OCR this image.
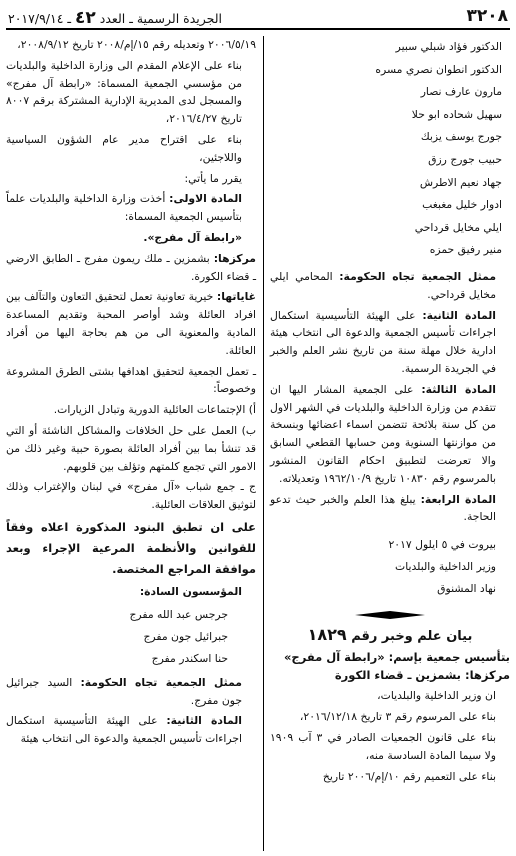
٣٢٠٨
الجريدة الرسمية ـ العدد ٤٢ ـ ٢٠١٧/٩/١٤

الدكتور فؤاد شبلي سبير

الدكتور انطوان نصري مسره

مارون عارف نصار

سهيل شحاده ابو حلا

جورج يوسف يزبك

حبيب جورج رزق

جهاد نعيم الاطرش

ادوار خليل مغبغب

ايلي مخايل قرداحي

منير رفيق حمزه

ممثل الجمعية تجاه الحكومة: المحامي ايلي مخايل قرداحي.

المادة الثانية: على الهيئة التأسيسية استكمال اجراءات تأسيس الجمعية والدعوة الى انتخاب هيئة ادارية خلال مهلة سنة من تاريخ نشر العلم والخبر في الجريدة الرسمية.

المادة الثالثة: على الجمعية المشار اليها ان تتقدم من وزارة الداخلية والبلديات في الشهر الاول من كل سنة بلائحة تتضمن اسماء اعضائها وبنسخة من موازنتها السنوية ومن حسابها القطعي السابق والا تعرضت لتطبيق احكام القانون المنشور بالمرسوم رقم ١٠٨٣٠ تاريخ ١٩٦٢/١٠/٩ وتعديلاته.

المادة الرابعة: يبلغ هذا العلم والخبر حيث تدعو الحاجة.

بيروت في ٥ ايلول ٢٠١٧

وزير الداخلية والبلديات

نهاد المشنوق

بيان علم وخبر رقم ١٨٢٩

بتأسيس جمعية بإسم: «رابطة آل مفرج»

مركزها: بشمزين ـ قضاء الكورة

ان وزير الداخلية والبلديات،

بناء على المرسوم رقم ٣ تاريخ ٢٠١٦/١٢/١٨،

بناء على قانون الجمعيات الصادر في ٣ آب ١٩٠٩ ولا سيما المادة السادسة منه،

بناء على التعميم رقم ١٠/إم/٢٠٠٦ تاريخ

٢٠٠٦/٥/١٩ وتعديله رقم ١٥/إم/٢٠٠٨ تاريخ ٢٠٠٨/٩/١٢،

بناء على الإعلام المقدم الى وزارة الداخلية والبلديات من مؤسسي الجمعية المسماة: «رابطة آل مفرج» والمسجل لدى المديرية الإدارية المشتركة برقم ٨٠٠٧ تاريخ ٢٠١٦/٤/٢٧،

بناء على اقتراح مدير عام الشؤون السياسية واللاجئين،

يقرر ما يأتي:

المادة الاولى: أخذت وزارة الداخلية والبلديات علماً بتأسيس الجمعية المسماة:

«رابطة آل مفرج».

مركزها: بشمزين ـ ملك ريمون مفرج ـ الطابق الارضي ـ قضاء الكورة.

غاياتها: خيرية تعاونية تعمل لتحقيق التعاون والتآلف بين افراد العائلة وشد أواصر المحبة وتقديم المساعدة المادية والمعنوية الى من هم بحاجة اليها من أفراد العائلة.

ـ تعمل الجمعية لتحقيق اهدافها بشتى الطرق المشروعة وخصوصاً:

أ) الإجتماعات العائلية الدورية وتبادل الزيارات.

ب) العمل على حل الخلافات والمشاكل الناشئة أو التي قد تنشأ بما بين أفراد العائلة بصورة حبية وغير ذلك من الامور التي تجمع كلمتهم وتؤلف بين قلوبهم.

ج ـ جمع شباب «آل مفرج» في لبنان والإغتراب وذلك لتوثيق العلاقات العائلية.

على ان تطبق البنود المذكورة اعلاه وفقاً للقوانين والأنظمة المرعية الإجراء وبعد موافقة المراجع المختصة.

المؤسسون السادة:

جرجس عبد الله مفرج

جبرائيل جون مفرج

حنا اسكندر مفرج

ممثل الجمعية تجاه الحكومة: السيد جبرائيل جون مفرج.

المادة الثانية: على الهيئة التأسيسية استكمال اجراءات تأسيس الجمعية والدعوة الى انتخاب هيئة
